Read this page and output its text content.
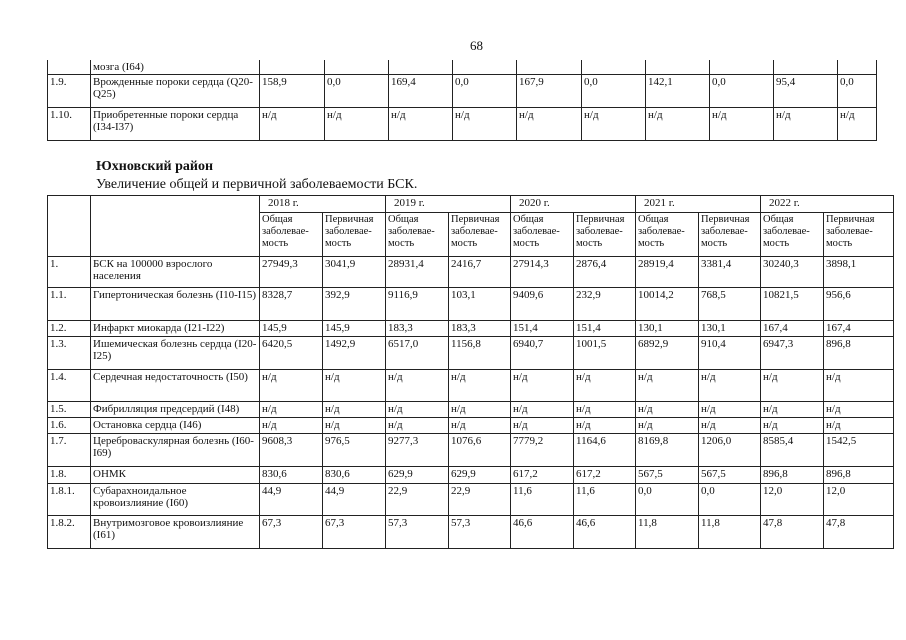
68
	мозга (I64)											
1.9.	Врожденные пороки сердца (Q20-Q25)	158,9	0,0	169,4	0,0	167,9	0,0	142,1	0,0	95,4	0,0	
1.10.	Приобретенные пороки сердца (I34-I37)	н/д	н/д	н/д	н/д	н/д	н/д	н/д	н/д	н/д	н/д	
Юхновский район
Увеличение общей и первичной заболеваемости БСК.
		2018 г.		2019 г.		2020 г.		2021 г.		2022 г.	
		Общая заболевае-мость	Первичная заболевае-мость	Общая заболевае-мость	Первичная заболевае-мость	Общая заболевае-мость	Первичная заболевае-мость	Общая заболевае-мость	Первичная заболевае-мость	Общая заболевае-мость	Первичная заболевае-мость
1.	БСК на 100000 взрослого населения	27949,3	3041,9	28931,4	2416,7	27914,3	2876,4	28919,4	3381,4	30240,3	3898,1
1.1.	Гипертоническая болезнь (I10-I15)	8328,7	392,9	9116,9	103,1	9409,6	232,9	10014,2	768,5	10821,5	956,6
1.2.	Инфаркт миокарда (I21-I22)	145,9	145,9	183,3	183,3	151,4	151,4	130,1	130,1	167,4	167,4
1.3.	Ишемическая болезнь сердца (I20-I25)	6420,5	1492,9	6517,0	1156,8	6940,7	1001,5	6892,9	910,4	6947,3	896,8
1.4.	Сердечная недостаточность (I50)	н/д	н/д	н/д	н/д	н/д	н/д	н/д	н/д	н/д	н/д
1.5.	Фибрилляция предсердий (I48)	н/д	н/д	н/д	н/д	н/д	н/д	н/д	н/д	н/д	н/д
1.6.	Остановка сердца (I46)	н/д	н/д	н/д	н/д	н/д	н/д	н/д	н/д	н/д	н/д
1.7.	Цереброваскулярная болезнь (I60-I69)	9608,3	976,5	9277,3	1076,6	7779,2	1164,6	8169,8	1206,0	8585,4	1542,5
1.8.	ОНМК	830,6	830,6	629,9	629,9	617,2	617,2	567,5	567,5	896,8	896,8
1.8.1.	Субарахноидальное кровоизлияние (I60)	44,9	44,9	22,9	22,9	11,6	11,6	0,0	0,0	12,0	12,0
1.8.2.	Внутримозговое кровоизлияние (I61)	67,3	67,3	57,3	57,3	46,6	46,6	11,8	11,8	47,8	47,8
